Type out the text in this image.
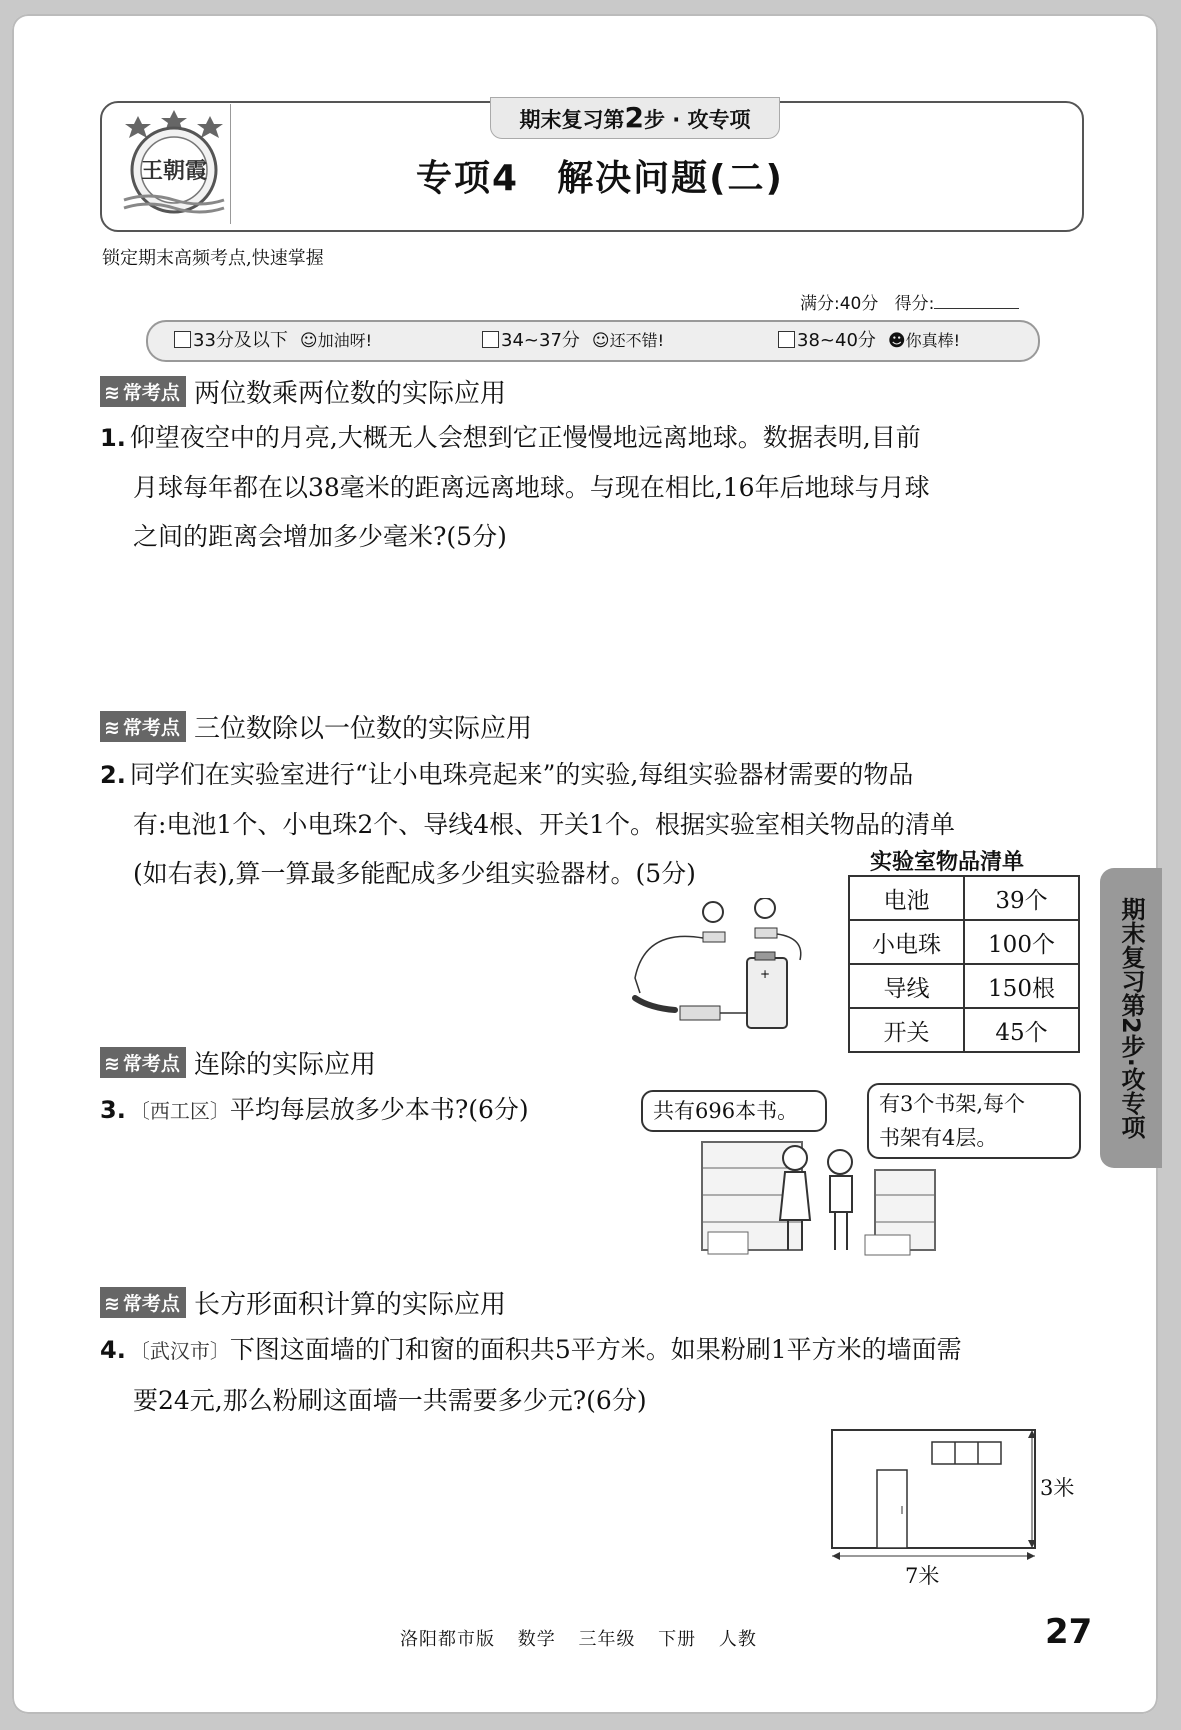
王朝霞
期末复习第2步 · 攻专项
专项4　解决问题(二)
锁定期末高频考点,快速掌握
满分:40分 得分:
33分及以下 ☺加油呀!	34~37分 ☺还不错!	38~40分 ☻你真棒!
≋ 常考点 两位数乘两位数的实际应用
1. 仰望夜空中的月亮,大概无人会想到它正慢慢地远离地球。数据表明,目前
月球每年都在以38毫米的距离远离地球。与现在相比,16年后地球与月球
之间的距离会增加多少毫米?(5分)
≋ 常考点 三位数除以一位数的实际应用
2. 同学们在实验室进行“让小电珠亮起来”的实验,每组实验器材需要的物品
有:电池1个、小电珠2个、导线4根、开关1个。根据实验室相关物品的清单
(如右表),算一算最多能配成多少组实验器材。(5分)	实验室物品清单
电池	39个
小电珠	100个
导线	150根
开关	45个
+
≋ 常考点 连除的实际应用
3. 〔西工区〕平均每层放多少本书?(6分)	共有696本书。	有3个书架,每个
书架有4层。
≋ 常考点 长方形面积计算的实际应用
4. 〔武汉市〕下图这面墙的门和窗的面积共5平方米。如果粉刷1平方米的墙面需
要24元,那么粉刷这面墙一共需要多少元?(6分)
3米
7米
期末复习第2步·攻专项
洛阳都市版 数学 三年级 下册 人教	27
